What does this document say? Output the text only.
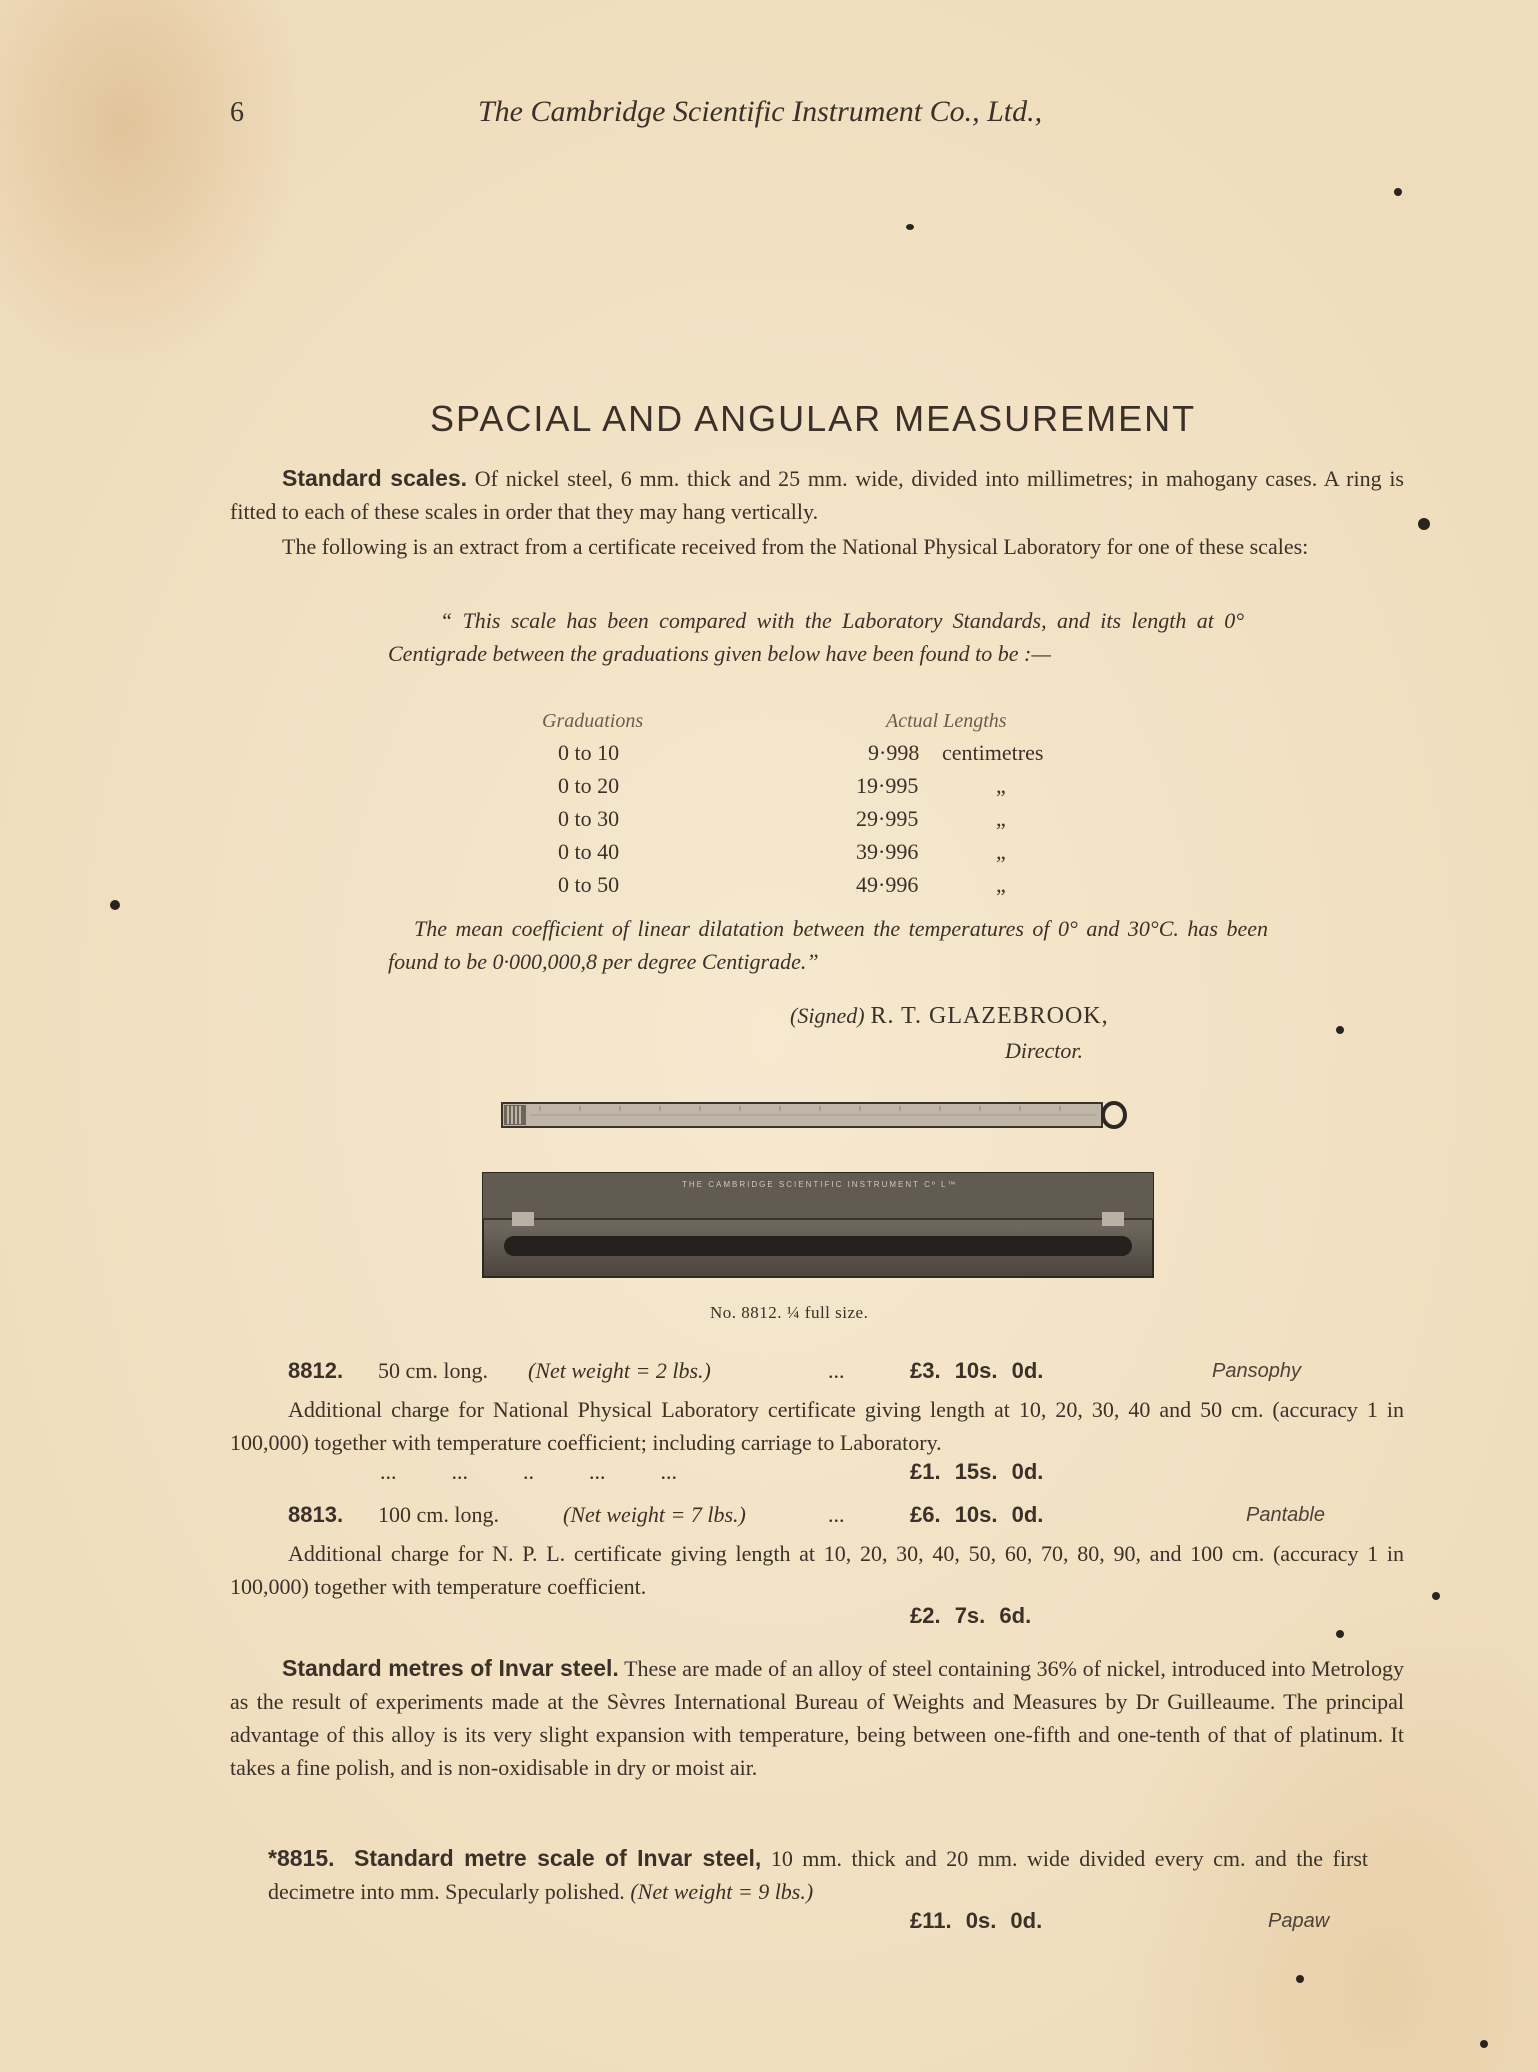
6	The Cambridge Scientific Instrument Co., Ltd.,
SPACIAL AND ANGULAR MEASUREMENT
Standard scales. Of nickel steel, 6 mm. thick and 25 mm. wide, divided into millimetres; in mahogany cases. A ring is fitted to each of these scales in order that they may hang vertically.
The following is an extract from a certificate received from the National Physical Laboratory for one of these scales:
“ This scale has been compared with the Laboratory Standards, and its length at 0° Centigrade between the graduations given below have been found to be :—
Graduations	Actual Lengths
0 to 10	9·998 centimetres
0 to 20	19·995	„
0 to 30	29·995	„
0 to 40	39·996	„
0 to 50	49·996	„
The mean coefficient of linear dilatation between the temperatures of 0° and 30°C. has been found to be 0·000,000,8 per degree Centigrade.”
(Signed) R. T. GLAZEBROOK,
Director.
THE CAMBRIDGE SCIENTIFIC INSTRUMENT Cº L™
No. 8812. ¼ full size.
8812. 50 cm. long. (Net weight = 2 lbs.)	...	£3. 10s. 0d.	Pansophy
Additional charge for National Physical Laboratory certificate giving length at 10, 20, 30, 40 and 50 cm. (accuracy 1 in 100,000) together with temperature coefficient; including carriage to Laboratory.
...          ...          ..          ...          ...	£1. 15s. 0d.
8813. 100 cm. long.	(Net weight = 7 lbs.)	...	£6. 10s. 0d.	Pantable
Additional charge for N. P. L. certificate giving length at 10, 20, 30, 40, 50, 60, 70, 80, 90, and 100 cm. (accuracy 1 in 100,000) together with temperature coefficient.
£2. 7s. 6d.
Standard metres of Invar steel. These are made of an alloy of steel containing 36% of nickel, introduced into Metrology as the result of experiments made at the Sèvres International Bureau of Weights and Measures by Dr Guilleaume. The principal advantage of this alloy is its very slight expansion with temperature, being between one-fifth and one-tenth of that of platinum. It takes a fine polish, and is non-oxidisable in dry or moist air.
*8815. Standard metre scale of Invar steel, 10 mm. thick and 20 mm. wide divided every cm. and the first decimetre into mm. Specularly polished. (Net weight = 9 lbs.)
£11. 0s. 0d.	Papaw
